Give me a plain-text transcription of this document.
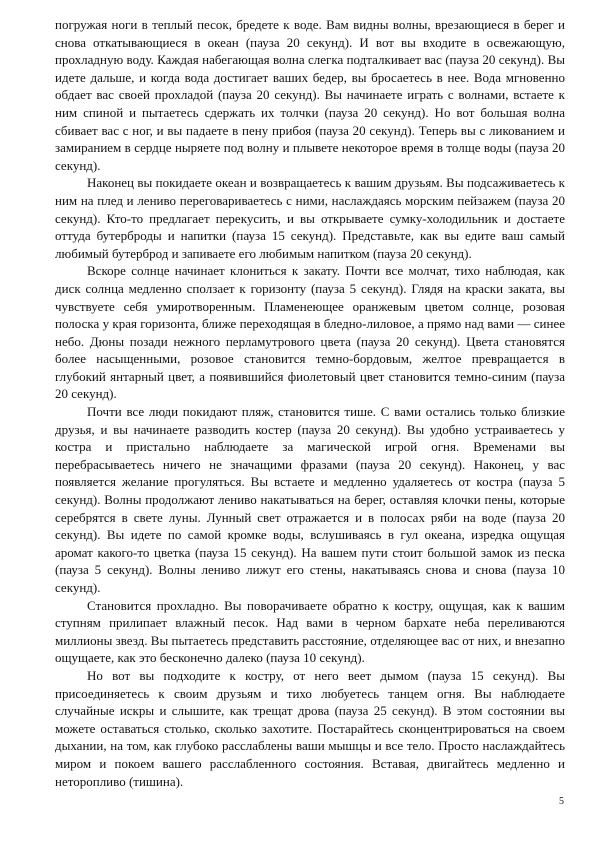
погружая ноги в теплый песок, бредете к воде. Вам видны волны, врезающиеся в берег и снова откатывающиеся в океан (пауза 20 секунд). И вот вы входите в освежающую, прохладную воду. Каждая набегающая волна слегка подталкивает вас (пауза 20 секунд). Вы идете дальше, и когда вода достигает ваших бедер, вы бросаетесь в нее. Вода мгновенно обдает вас своей прохладой (пауза 20 секунд). Вы начинаете играть с волнами, встаете к ним спиной и пытаетесь сдержать их толчки (пауза 20 секунд). Но вот большая волна сбивает вас с ног, и вы падаете в пену прибоя (пауза 20 секунд). Теперь вы с ликованием и замиранием в сердце ныряете под волну и плывете некоторое время в толще воды (пауза 20 секунд).

Наконец вы покидаете океан и возвращаетесь к вашим друзьям. Вы подсаживаетесь к ним на плед и лениво переговариваетесь с ними, наслаждаясь морским пейзажем (пауза 20 секунд). Кто-то предлагает перекусить, и вы открываете сумку-холодильник и достаете оттуда бутерброды и напитки (пауза 15 секунд). Представьте, как вы едите ваш самый любимый бутерброд и запиваете его любимым напитком (пауза 20 секунд).

Вскоре солнце начинает клониться к закату. Почти все молчат, тихо наблюдая, как диск солнца медленно сползает к горизонту (пауза 5 секунд). Глядя на краски заката, вы чувствуете себя умиротворенным. Пламенеющее оранжевым цветом солнце, розовая полоска у края горизонта, ближе переходящая в бледно-лиловое, а прямо над вами — синее небо. Дюны позади нежного перламутрового цвета (пауза 20 секунд). Цвета становятся более насыщенными, розовое становится темно-бордовым, желтое превращается в глубокий янтарный цвет, а появившийся фиолетовый цвет становится темно-синим (пауза 20 секунд).

Почти все люди покидают пляж, становится тише. С вами остались только близкие друзья, и вы начинаете разводить костер (пауза 20 секунд). Вы удобно устраиваетесь у костра и пристально наблюдаете за магической игрой огня. Временами вы перебрасываетесь ничего не значащими фразами (пауза 20 секунд). Наконец, у вас появляется желание прогуляться. Вы встаете и медленно удаляетесь от костра (пауза 5 секунд). Волны продолжают лениво накатываться на берег, оставляя клочки пены, которые серебрятся в свете луны. Лунный свет отражается и в полосах ряби на воде (пауза 20 секунд). Вы идете по самой кромке воды, вслушиваясь в гул океана, изредка ощущая аромат какого-то цветка (пауза 15 секунд). На вашем пути стоит большой замок из песка (пауза 5 секунд). Волны лениво лижут его стены, накатываясь снова и снова (пауза 10 секунд).

Становится прохладно. Вы поворачиваете обратно к костру, ощущая, как к вашим ступням прилипает влажный песок. Над вами в черном бархате неба переливаются миллионы звезд. Вы пытаетесь представить расстояние, отделяющее вас от них, и внезапно ощущаете, как это бесконечно далеко (пауза 10 секунд).

Но вот вы подходите к костру, от него веет дымом (пауза 15 секунд). Вы присоединяетесь к своим друзьям и тихо любуетесь танцем огня. Вы наблюдаете случайные искры и слышите, как трещат дрова (пауза 25 секунд). В этом состоянии вы можете оставаться столько, сколько захотите. Постарайтесь сконцентрироваться на своем дыхании, на том, как глубоко расслаблены ваши мышцы и все тело. Просто наслаждайтесь миром и покоем вашего расслабленного состояния. Вставая, двигайтесь медленно и неторопливо (тишина).

5
